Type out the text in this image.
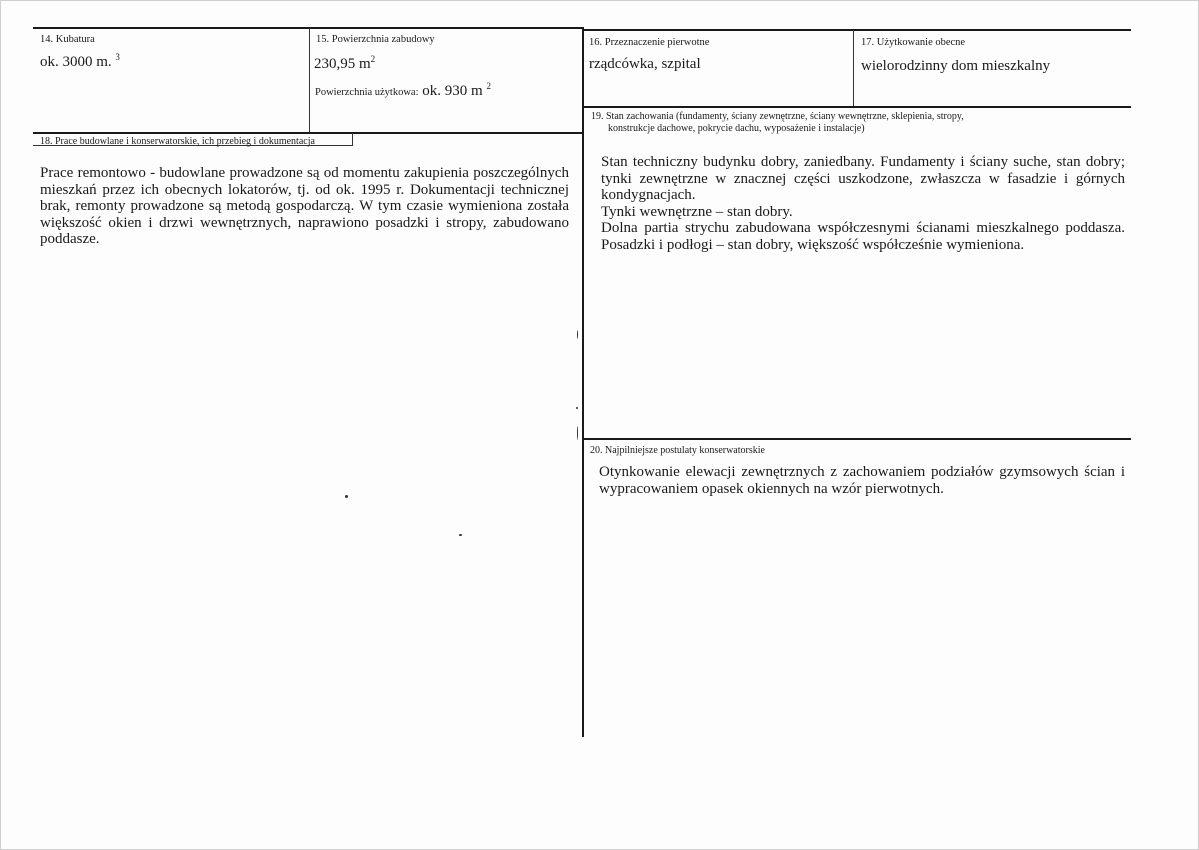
14. Kubatura
ok. 3000 m. $^3$
15. Powierzchnia zabudowy
230,95 $m^2$
Powierzchnia użytkowa: ok. 930 m $^2$
16. Przeznaczenie pierwotne
rządcówka, szpital
17. Użytkowanie obecne
wielorodzinny dom mieszkalny
18. Prace budowlane i konserwatorskie, ich przebieg i dokumentacja
Prace remontowo - budowlane prowadzone są od momentu zakupienia poszczególnych mieszkań przez ich obecnych lokatorów, tj. od ok. 1995 r. Dokumentacji technicznej brak, remonty prowadzone są metodą gospodarczą. W tym czasie wymieniona została większość okien i drzwi wewnętrznych, naprawiono posadzki i stropy, zabudowano poddasze.
19. Stan zachowania (fundamenty, ściany zewnętrzne, ściany wewnętrzne, sklepienia, stropy,
konstrukcje dachowe, pokrycie dachu, wyposażenie i instalacje)

Stan techniczny budynku dobry, zaniedbany. Fundamenty i ściany suche, stan dobry; tynki zewnętrzne w znacznej części uszkodzone, zwłaszcza w fasadzie i górnych kondygnacjach.

Tynki wewnętrzne – stan dobry.

Dolna partia strychu zabudowana współczesnymi ścianami mieszkalnego poddasza. Posadzki i podłogi – stan dobry, większość współcześnie wymieniona.

20. Najpilniejsze postulaty konserwatorskie
Otynkowanie elewacji zewnętrznych z zachowaniem podziałów gzymsowych ścian i wypracowaniem opasek okiennych na wzór pierwotnych.
